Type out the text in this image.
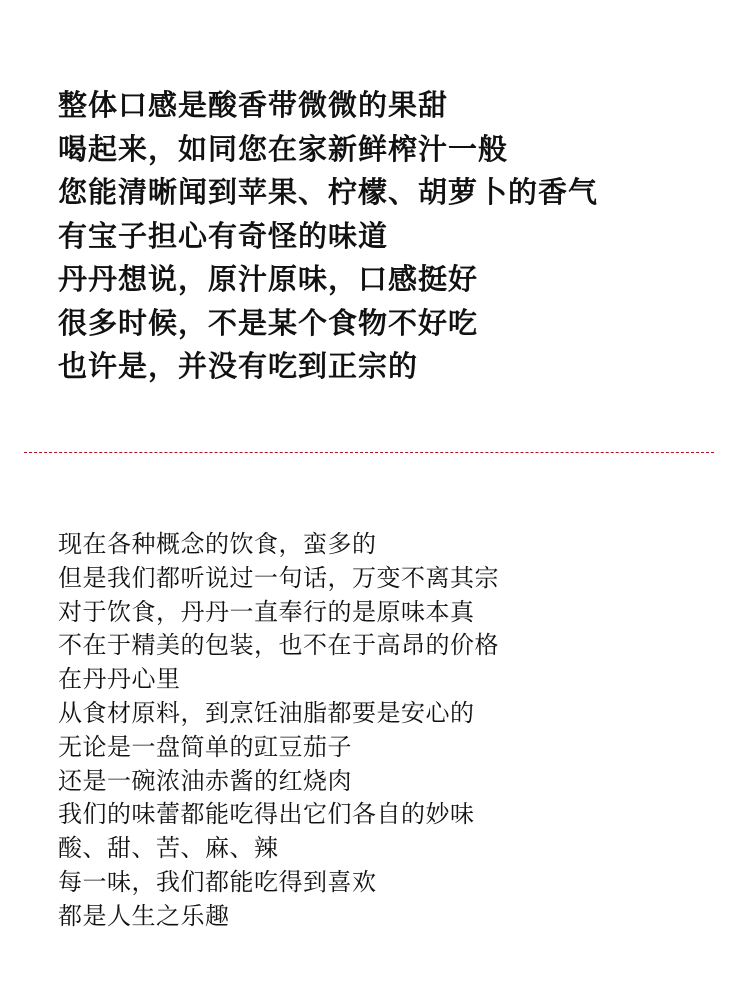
整体口感是酸香带微微的果甜
喝起来，如同您在家新鲜榨汁一般
您能清晰闻到苹果、柠檬、胡萝卜的香气
有宝子担心有奇怪的味道
丹丹想说，原汁原味，口感挺好
很多时候，不是某个食物不好吃
也许是，并没有吃到正宗的
现在各种概念的饮食，蛮多的
但是我们都听说过一句话，万变不离其宗
对于饮食，丹丹一直奉行的是原味本真
不在于精美的包装，也不在于高昂的价格
在丹丹心里
从食材原料，到烹饪油脂都要是安心的
无论是一盘简单的豇豆茄子
还是一碗浓油赤酱的红烧肉
我们的味蕾都能吃得出它们各自的妙味
酸、甜、苦、麻、辣
每一味，我们都能吃得到喜欢
都是人生之乐趣
